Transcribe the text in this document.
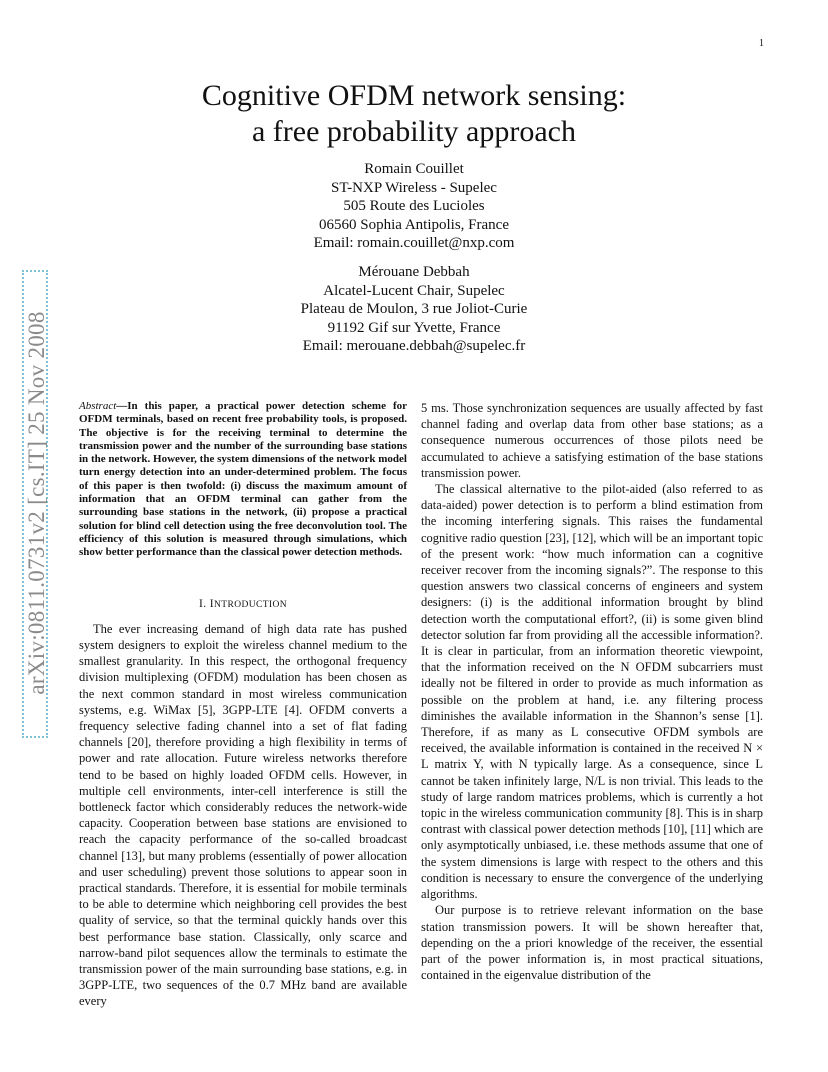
1
arXiv:0811.0731v2 [cs.IT] 25 Nov 2008
Cognitive OFDM network sensing:
a free probability approach
Romain Couillet
ST-NXP Wireless - Supelec
505 Route des Lucioles
06560 Sophia Antipolis, France
Email: romain.couillet@nxp.com
Mérouane Debbah
Alcatel-Lucent Chair, Supelec
Plateau de Moulon, 3 rue Joliot-Curie
91192 Gif sur Yvette, France
Email: merouane.debbah@supelec.fr

Abstract—In this paper, a practical power detection scheme for OFDM terminals, based on recent free probability tools, is proposed. The objective is for the receiving terminal to determine the transmission power and the number of the surrounding base stations in the network. However, the system dimensions of the network model turn energy detection into an under-determined problem. The focus of this paper is then twofold: (i) discuss the maximum amount of information that an OFDM terminal can gather from the surrounding base stations in the network, (ii) propose a practical solution for blind cell detection using the free deconvolution tool. The efficiency of this solution is measured through simulations, which show better performance than the classical power detection methods.

I. INTRODUCTION

The ever increasing demand of high data rate has pushed system designers to exploit the wireless channel medium to the smallest granularity. In this respect, the orthogonal frequency division multiplexing (OFDM) modulation has been chosen as the next common standard in most wireless communication systems, e.g. WiMax [5], 3GPP-LTE [4]. OFDM converts a frequency selective fading channel into a set of flat fading channels [20], therefore providing a high flexibility in terms of power and rate allocation. Future wireless networks therefore tend to be based on highly loaded OFDM cells. However, in multiple cell environments, inter-cell interference is still the bottleneck factor which considerably reduces the network-wide capacity. Cooperation between base stations are envisioned to reach the capacity performance of the so-called broadcast channel [13], but many problems (essentially of power allocation and user scheduling) prevent those solutions to appear soon in practical standards. Therefore, it is essential for mobile terminals to be able to determine which neighboring cell provides the best quality of service, so that the terminal quickly hands over this best performance base station. Classically, only scarce and narrow-band pilot sequences allow the terminals to estimate the transmission power of the main surrounding base stations, e.g. in 3GPP-LTE, two sequences of the 0.7 MHz band are available every

5 ms. Those synchronization sequences are usually affected by fast channel fading and overlap data from other base stations; as a consequence numerous occurrences of those pilots need be accumulated to achieve a satisfying estimation of the base stations transmission power.

The classical alternative to the pilot-aided (also referred to as data-aided) power detection is to perform a blind estimation from the incoming interfering signals. This raises the fundamental cognitive radio question [23], [12], which will be an important topic of the present work: “how much information can a cognitive receiver recover from the incoming signals?”. The response to this question answers two classical concerns of engineers and system designers: (i) is the additional information brought by blind detection worth the computational effort?, (ii) is some given blind detector solution far from providing all the accessible information?. It is clear in particular, from an information theoretic viewpoint, that the information received on the N OFDM subcarriers must ideally not be filtered in order to provide as much information as possible on the problem at hand, i.e. any filtering process diminishes the available information in the Shannon’s sense [1]. Therefore, if as many as L consecutive OFDM symbols are received, the available information is contained in the received N × L matrix Y, with N typically large. As a consequence, since L cannot be taken infinitely large, N/L is non trivial. This leads to the study of large random matrices problems, which is currently a hot topic in the wireless communication community [8]. This is in sharp contrast with classical power detection methods [10], [11] which are only asymptotically unbiased, i.e. these methods assume that one of the system dimensions is large with respect to the others and this condition is necessary to ensure the convergence of the underlying algorithms.

Our purpose is to retrieve relevant information on the base station transmission powers. It will be shown hereafter that, depending on the a priori knowledge of the receiver, the essential part of the power information is, in most practical situations, contained in the eigenvalue distribution of the
